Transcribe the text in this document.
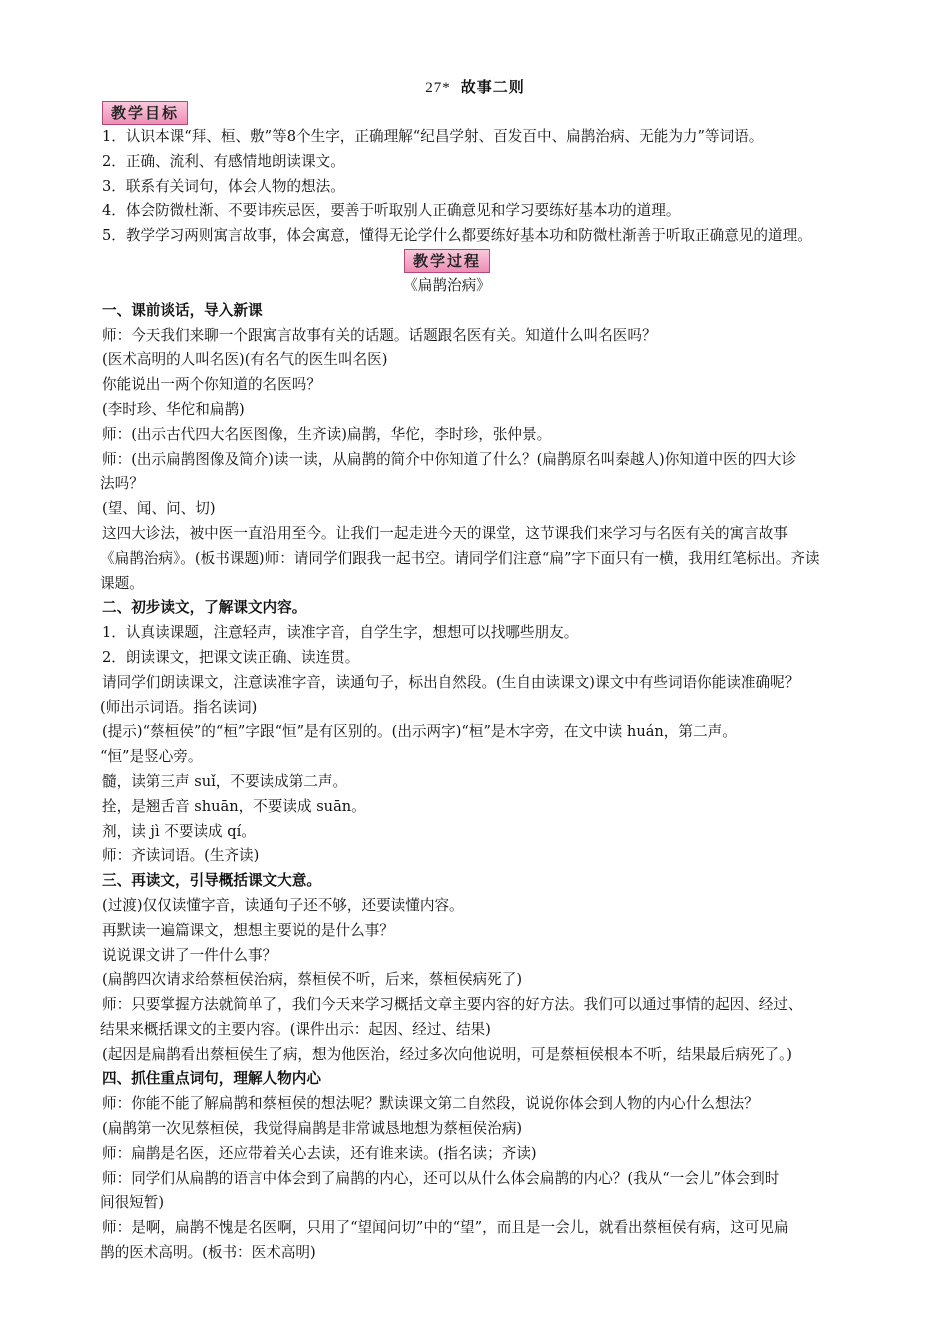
27* 故事二则
教学目标
1．认识本课“拜、桓、敷”等8个生字，正确理解“纪昌学射、百发百中、扁鹊治病、无能为力”等词语。
2．正确、流利、有感情地朗读课文。
3．联系有关词句，体会人物的想法。
4．体会防微杜渐、不要讳疾忌医，要善于听取别人正确意见和学习要练好基本功的道理。
5．教学学习两则寓言故事，体会寓意，懂得无论学什么都要练好基本功和防微杜渐善于听取正确意见的道理。
教学过程
《扁鹊治病》
一、课前谈话，导入新课
师：今天我们来聊一个跟寓言故事有关的话题。话题跟名医有关。知道什么叫名医吗？
(医术高明的人叫名医)(有名气的医生叫名医)
你能说出一两个你知道的名医吗？
(李时珍、华佗和扁鹊)
师：(出示古代四大名医图像，生齐读)扁鹊，华佗，李时珍，张仲景。
师：(出示扁鹊图像及简介)读一读，从扁鹊的简介中你知道了什么？(扁鹊原名叫秦越人)你知道中医的四大诊
法吗？
(望、闻、问、切)
这四大诊法，被中医一直沿用至今。让我们一起走进今天的课堂，这节课我们来学习与名医有关的寓言故事
《扁鹊治病》。(板书课题)师：请同学们跟我一起书空。请同学们注意“扁”字下面只有一横，我用红笔标出。齐读
课题。
二、初步读文，了解课文内容。
1．认真读课题，注意轻声，读准字音，自学生字，想想可以找哪些朋友。
2．朗读课文，把课文读正确、读连贯。
请同学们朗读课文，注意读准字音，读通句子，标出自然段。(生自由读课文)课文中有些词语你能读准确呢？
(师出示词语。指名读词)
(提示)“蔡桓侯”的“桓”字跟“恒”是有区别的。(出示两字)“桓”是木字旁，在文中读 huán，第二声。
“恒”是竖心旁。
髓，读第三声 suǐ，不要读成第二声。
拴，是翘舌音 shuān，不要读成 suān。
剂，读 jì 不要读成 qí。
师：齐读词语。(生齐读)
三、再读文，引导概括课文大意。
(过渡)仅仅读懂字音，读通句子还不够，还要读懂内容。
再默读一遍篇课文，想想主要说的是什么事？
说说课文讲了一件什么事？
(扁鹊四次请求给蔡桓侯治病，蔡桓侯不听，后来，蔡桓侯病死了)
师：只要掌握方法就简单了，我们今天来学习概括文章主要内容的好方法。我们可以通过事情的起因、经过、
结果来概括课文的主要内容。(课件出示：起因、经过、结果)
(起因是扁鹊看出蔡桓侯生了病，想为他医治，经过多次向他说明，可是蔡桓侯根本不听，结果最后病死了。)
四、抓住重点词句，理解人物内心
师：你能不能了解扁鹊和蔡桓侯的想法呢？默读课文第二自然段，说说你体会到人物的内心什么想法？
(扁鹊第一次见蔡桓侯，我觉得扁鹊是非常诚恳地想为蔡桓侯治病)
师：扁鹊是名医，还应带着关心去读，还有谁来读。(指名读；齐读)
师：同学们从扁鹊的语言中体会到了扁鹊的内心，还可以从什么体会扁鹊的内心？(我从“一会儿”体会到时
间很短暂)
师：是啊，扁鹊不愧是名医啊，只用了“望闻问切”中的“望”，而且是一会儿，就看出蔡桓侯有病，这可见扁
鹊的医术高明。(板书：医术高明)
